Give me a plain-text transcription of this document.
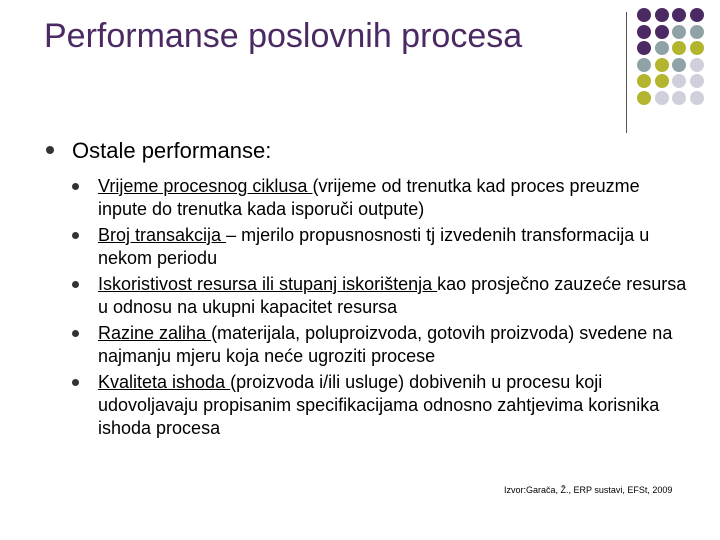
Performanse poslovnih procesa
Ostale performanse:
Vrijeme procesnog ciklusa (vrijeme od trenutka kad proces preuzme inpute do trenutka kada isporuči outpute)
Broj transakcija – mjerilo propusnosnosti tj izvedenih transformacija u nekom periodu
Iskoristivost resursa ili stupanj iskorištenja kao prosječno zauzeće resursa u odnosu na ukupni kapacitet resursa
Razine zaliha (materijala, poluproizvoda, gotovih proizvoda) svedene na najmanju mjeru koja neće ugroziti procese
Kvaliteta ishoda (proizvoda i/ili usluge) dobivenih u procesu koji udovoljavaju propisanim specifikacijama odnosno zahtjevima korisnika ishoda procesa
Izvor:Garača, Ž., ERP sustavi, EFSt, 2009
